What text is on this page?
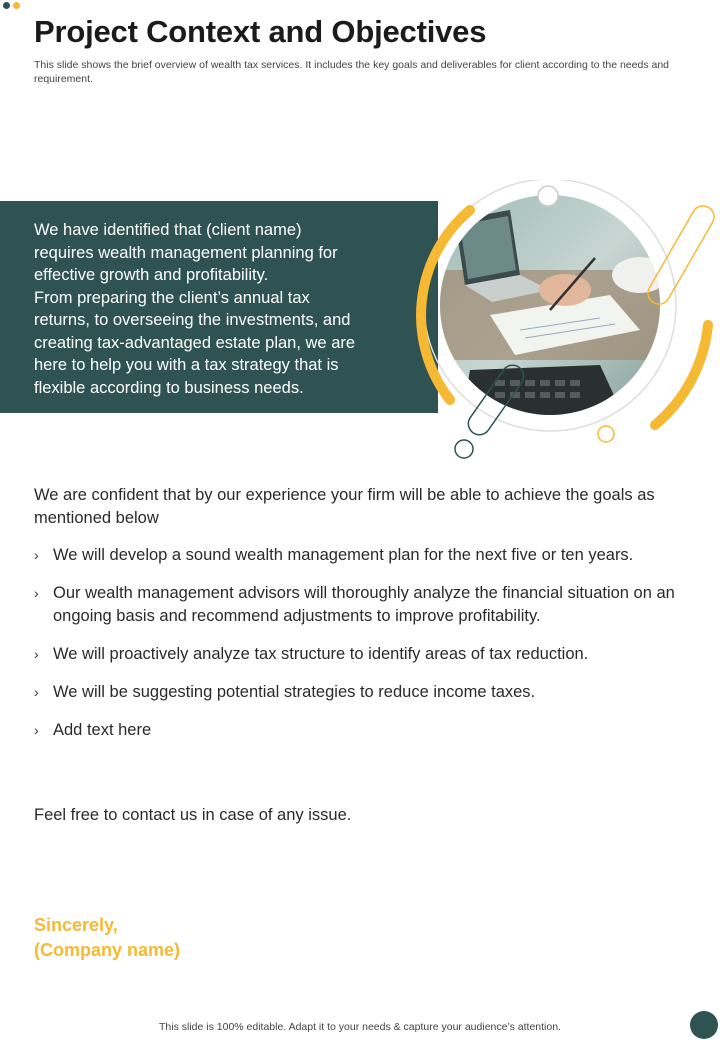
Project Context and Objectives

This slide shows the brief overview of wealth tax services. It includes the key goals and deliverables for client according to the needs and requirement.

We have identified that (client name)
requires wealth management planning for
effective growth and profitability.
From preparing the client’s annual tax
returns, to overseeing the investments, and
creating tax-advantaged estate plan, we are
here to help you with a tax strategy that is
flexible according to business needs.

We are confident that by our experience your firm will be able to achieve the goals as mentioned below

› We will develop a sound wealth management plan for the next five or ten years.
› Our wealth management advisors will thoroughly analyze the financial situation on an ongoing basis and recommend adjustments to improve profitability.
› We will proactively analyze tax structure to identify areas of tax reduction.
› We will be suggesting potential strategies to reduce income taxes.
› Add text here

Feel free to contact us in case of any issue.

Sincerely,
(Company name)

This slide is 100% editable. Adapt it to your needs & capture your audience’s attention.
